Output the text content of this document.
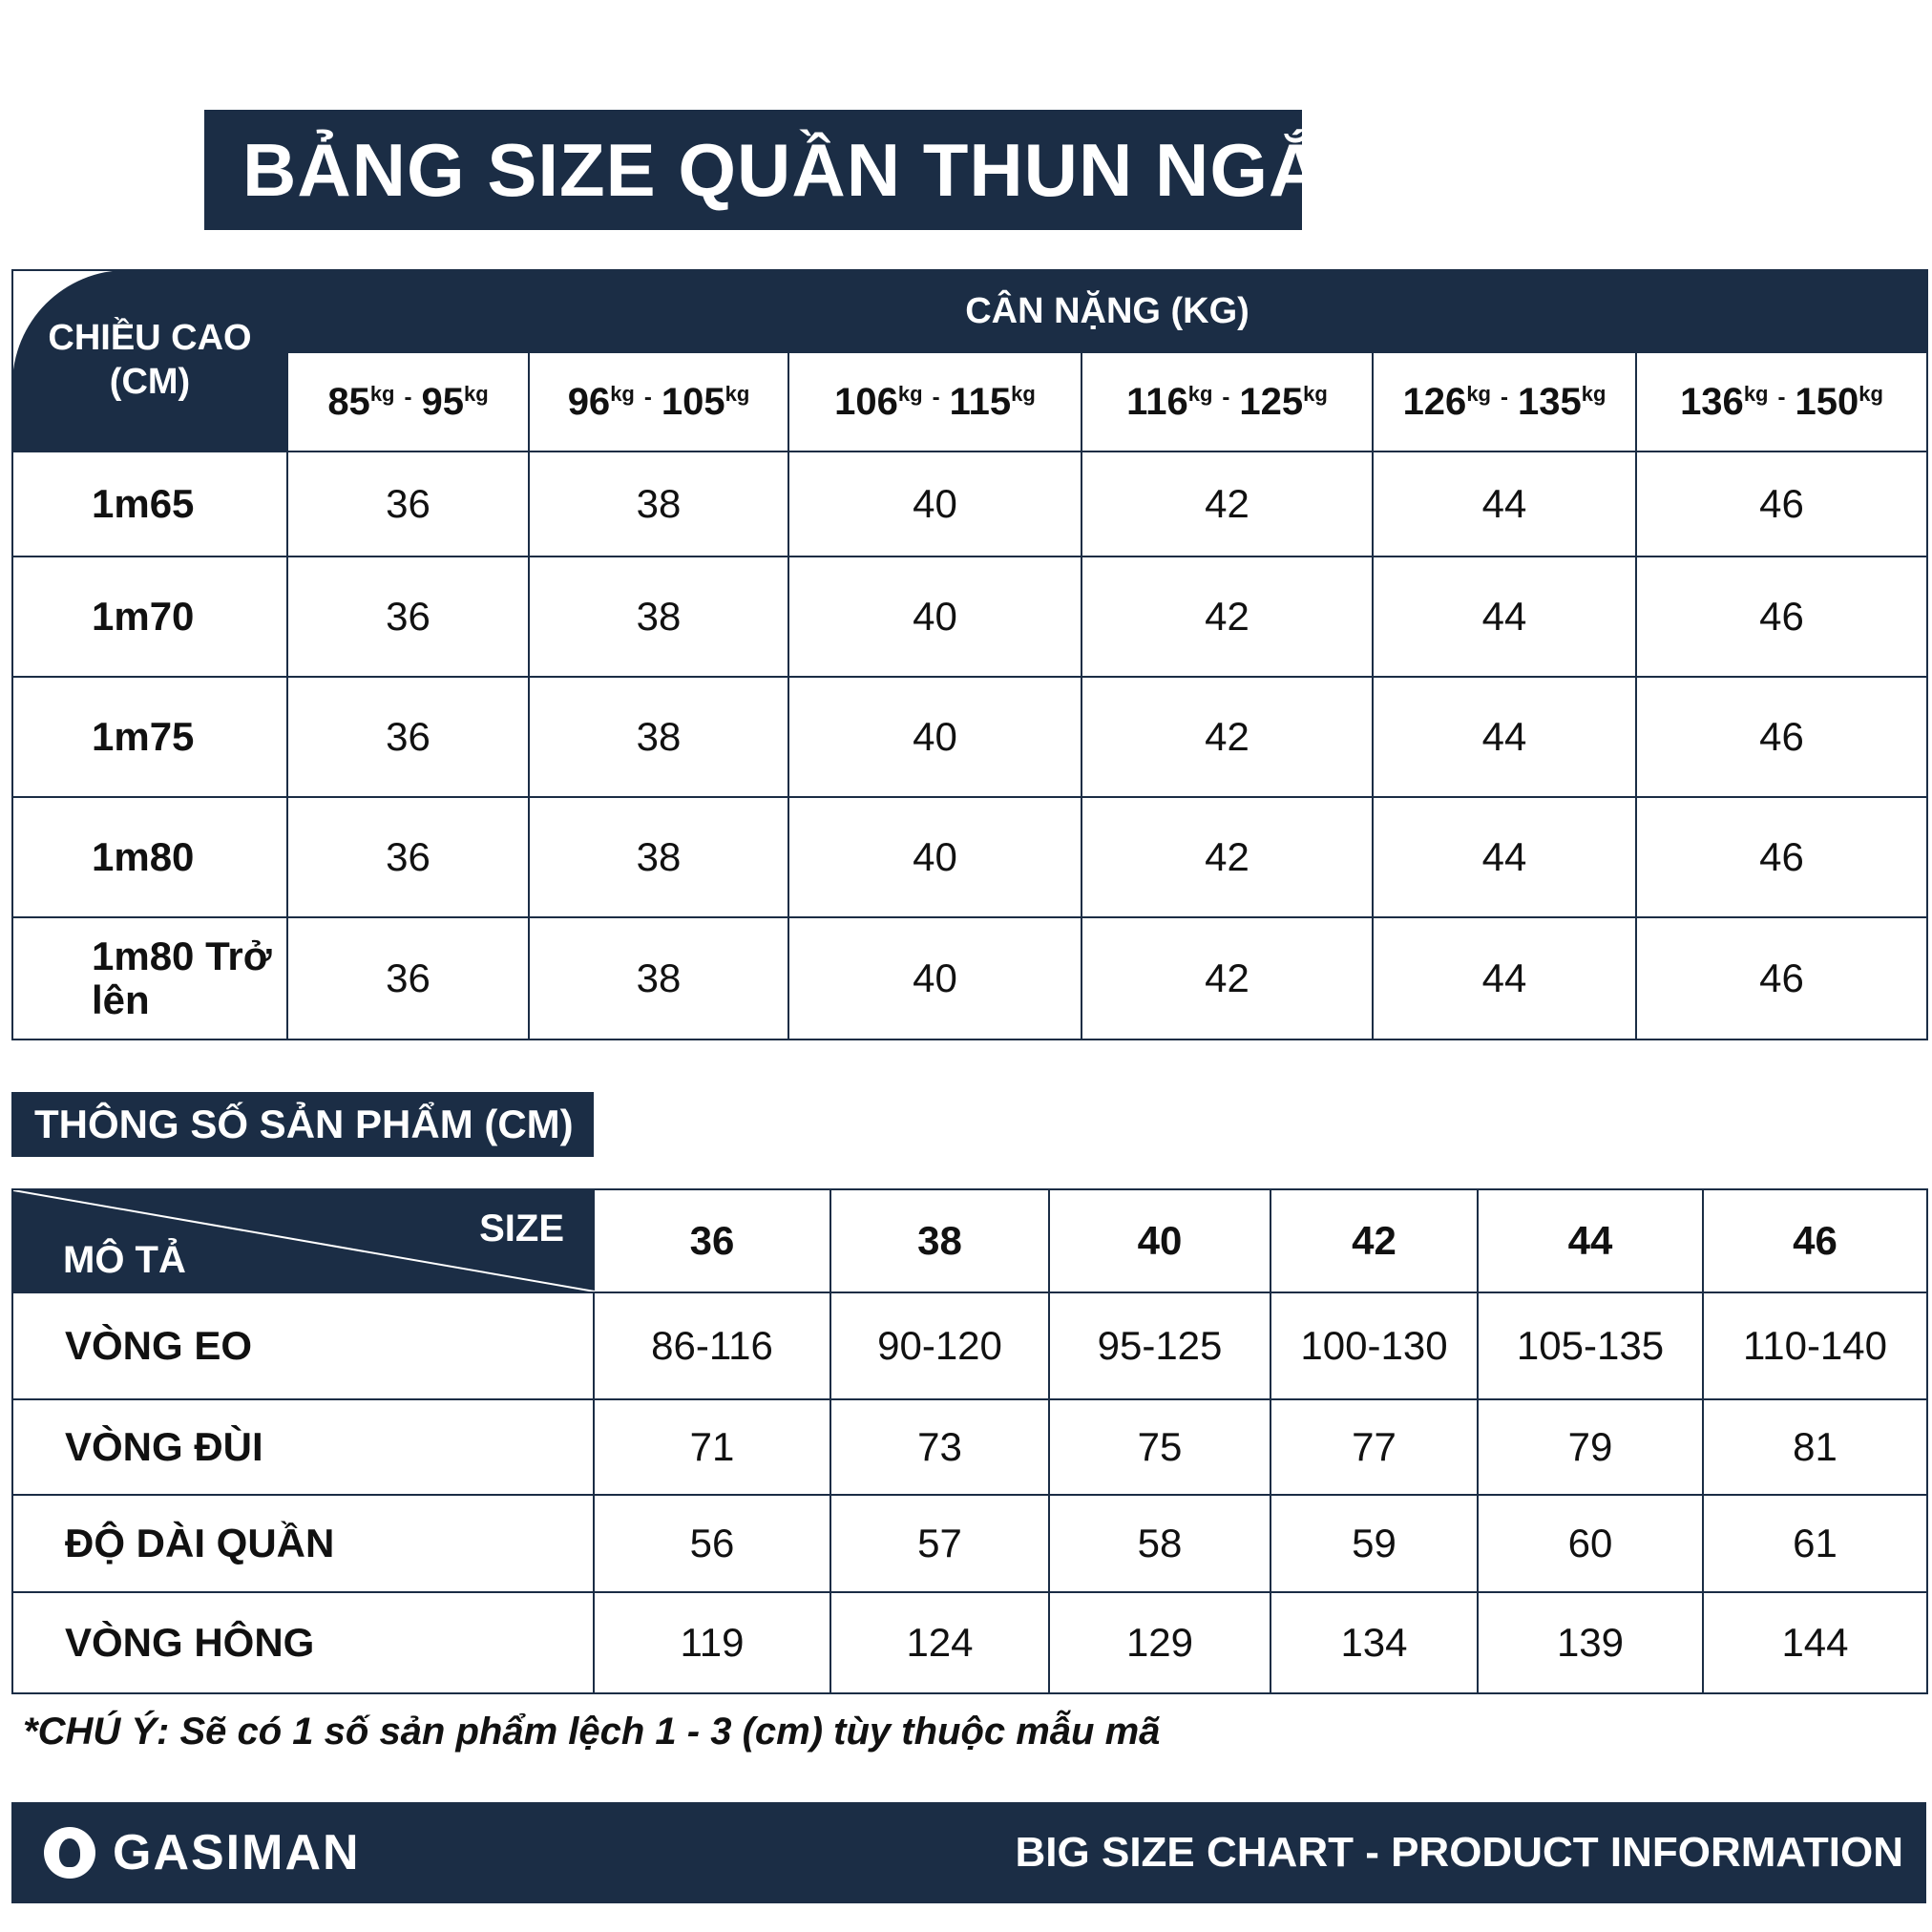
BẢNG SIZE QUẦN THUN NGẮN
CHIỀU CAO (CM)	CÂN NẶNG (KG)					
	$85^{kg}$ - $95^{kg}$	$96^{kg}$ - $105^{kg}$	$106^{kg}$ - $115^{kg}$	$116^{kg}$ - $125^{kg}$	$126^{kg}$ - $135^{kg}$	$136^{kg}$ - $150^{kg}$
1m65	36	38	40	42	44	46
1m70	36	38	40	42	44	46
1m75	36	38	40	42	44	46
1m80	36	38	40	42	44	46
1m80 Trở lên	36	38	40	42	44	46
THÔNG SỐ SẢN PHẨM (CM)
SIZE
MÔ TẢ	36	38	40	42	44	46
VÒNG EO	86-116	90-120	95-125	100-130	105-135	110-140
VÒNG ĐÙI	71	73	75	77	79	81
ĐỘ DÀI QUẦN	56	57	58	59	60	61
VÒNG HÔNG	119	124	129	134	139	144
*CHÚ Ý: Sẽ có 1 số sản phẩm lệch 1 - 3 (cm) tùy thuộc mẫu mã
GASIMAN	BIG SIZE CHART - PRODUCT INFORMATION
